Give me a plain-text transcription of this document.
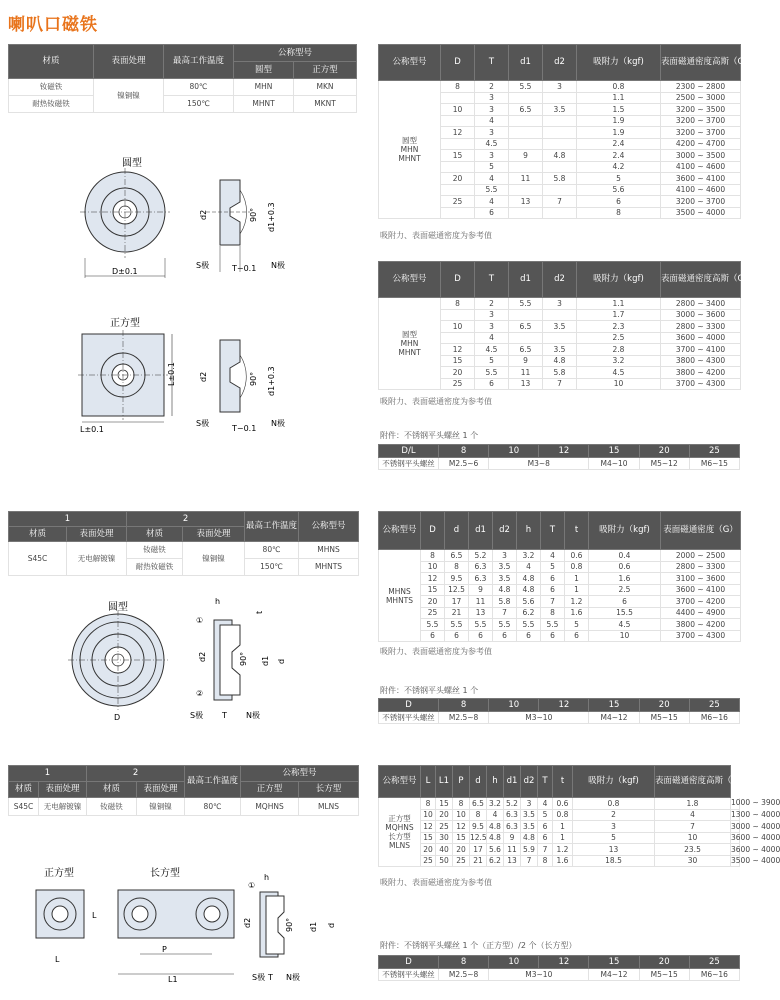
喇叭口磁铁
材质	表面处理	最高工作温度	公称型号	
			圆型	正方型
钕磁铁	镍铜镍	80℃	MHN	MKN
耐热钕磁铁		150℃	MHNT	MKNT
圆型
D±0.1
90° d1+0.3
d2
S极	T−0.1 N极
正方型
L±0.1
L±0.1	90° d1+0.3
d2
S极
T−0.1
N极
公称型号	D	T	d1	d2	吸附力（kgf)	表面磁通密度高斯（G）
圆型
MHN
MHNT	8	2	5.5	3	0.8	2300 ~ 2800
		3			1.1	2500 ~ 3000
	10	3	6.5	3.5	1.5	3200 ~ 3500
		4			1.9	3200 ~ 3700
	12	3			1.9	3200 ~ 3700
		4.5			2.4	4200 ~ 4700
	15	3	9	4.8	2.4	3000 ~ 3500
		5			4.2	4100 ~ 4600
	20	4	11	5.8	5	3600 ~ 4100
		5.5			5.6	4100 ~ 4600
	25	4	13	7	6	3200 ~ 3700
		6			8	3500 ~ 4000
吸附力、表面磁通密度为参考值
公称型号	D	T	d1	d2	吸附力（kgf)	表面磁通密度高斯（G）
圆型
MHN
MHNT	8	2	5.5	3	1.1	2800 ~ 3400
		3			1.7	3000 ~ 3600
	10	3	6.5	3.5	2.3	2800 ~ 3300
		4			2.5	3600 ~ 4000
	12	4.5	6.5	3.5	2.8	3700 ~ 4100
	15	5	9	4.8	3.2	3800 ~ 4300
	20	5.5	11	5.8	4.5	3800 ~ 4200
	25	6	13	7	10	3700 ~ 4300
吸附力、表面磁通密度为参考值
附件：不锈钢平头螺丝 1 个
D/L	8	10	12	15	20	25
不锈钢平头螺丝	M2.5~6	M3~8		M4~10	M5~12	M6~15
1		2		最高工作温度	公称型号
材质	表面处理	材质	表面处理		
S45C	无电解镀镍	钕磁铁	镍铜镍	80℃	MHNS
		耐热钕磁铁		150℃	MHNTS
圆型
D
①
②
h
t
d2	90° d1 d
S极 T N极
公称型号	D	d	d1	d2	h	T	t	吸附力（kgf)	表面磁通密度（G）
MHNS
MHNTS	8	6.5	5.2	3	3.2	4	0.6	0.4	2000 ~ 2500
	10	8	6.3	3.5	4	5	0.8	0.6	2800 ~ 3300
	12	9.5	6.3	3.5	4.8	6	1	1.6	3100 ~ 3600
	15	12.5	9	4.8	4.8	6	1	2.5	3600 ~ 4100
	20	17	11	5.8	5.6	7	1.2	6	3700 ~ 4200
	25	21	13	7	6.2	8	1.6	15.5	4400 ~ 4900
	5.5	5.5	5.5	5.5	5.5	5.5	5	4.5	3800 ~ 4200
	6	6	6	6	6	6	6	10	3700 ~ 4300
吸附力、表面磁通密度为参考值
附件：不锈钢平头螺丝 1 个
D	8	10	12	15	20	25
不锈钢平头螺丝	M2.5~8	M3~10		M4~12	M5~15	M6~16
1		2		最高工作温度	公称型号	
材质	表面处理	材质	表面处理		正方型	长方型
S45C	无电解镀镍	钕磁铁	镍铜镍	80℃	MQHNS	MLNS
正方型
L
L
长方型
P
L1
①
h
d2	90° d1 d
S极 T N极
公称型号	L	L1	P	d	h	d1	d2	T	t	吸附力（kgf)	表面磁通密度高斯（G）	
正方型
MQHNS
长方型
MLNS	8	15	8	6.5	3.2	5.2	3	4	0.6	0.8	1.8	1000 ~ 3900
	10	20	10	8	4	6.3	3.5	5	0.8	2	4	1300 ~ 4000
	12	25	12	9.5	4.8	6.3	3.5	6	1	3	7	3000 ~ 4000
	15	30	15	12.5	4.8	9	4.8	6	1	5	10	3600 ~ 4000
	20	40	20	17	5.6	11	5.9	7	1.2	13	23.5	3600 ~ 4000
	25	50	25	21	6.2	13	7	8	1.6	18.5	30	3500 ~ 4000
吸附力、表面磁通密度为参考值
附件：不锈钢平头螺丝 1 个（正方型）/2 个（长方型）
D	8	10	12	15	20	25
不锈钢平头螺丝	M2.5~8	M3~10		M4~12	M5~15	M6~16
